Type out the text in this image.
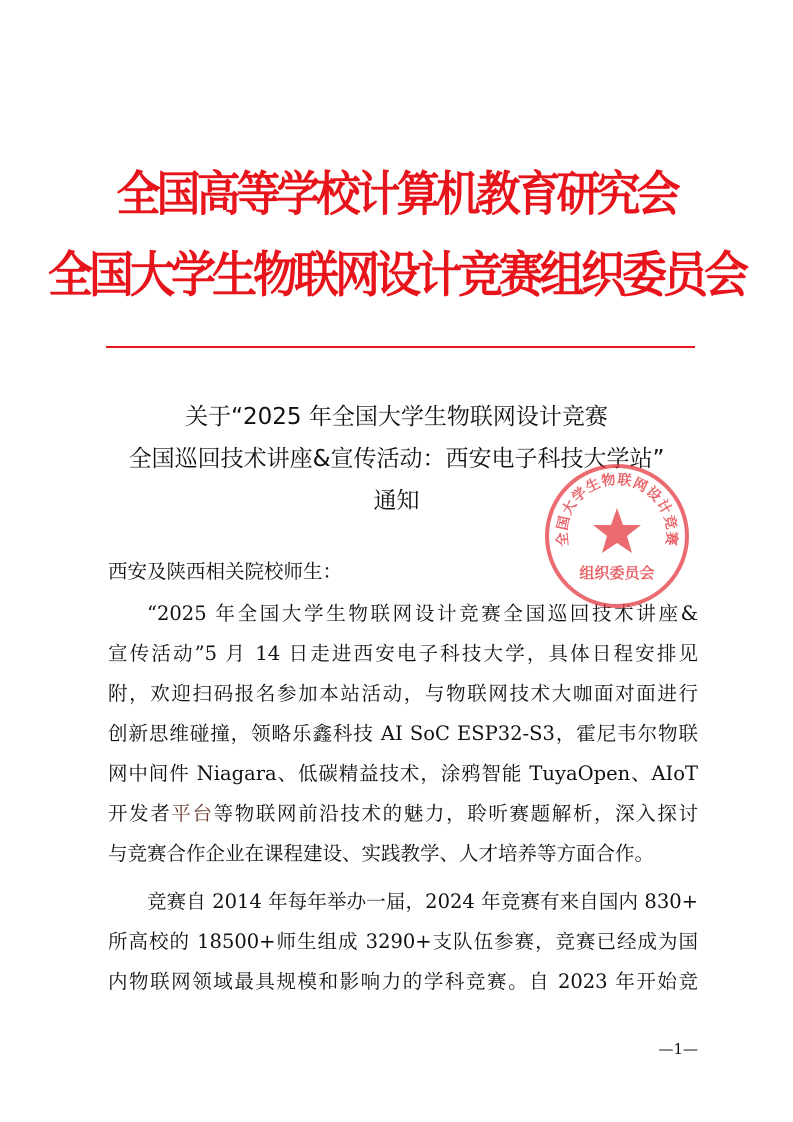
全国高等学校计算机教育研究会
全国大学生物联网设计竞赛组织委员会
关于“2025 年全国大学生物联网设计竞赛
全国巡回技术讲座&宣传活动：西安电子科技大学站”
通知
西安及陕西相关院校师生：
“2025 年全国大学生物联网设计竞赛全国巡回技术讲座&
宣传活动”5 月 14 日走进西安电子科技大学，具体日程安排见
附，欢迎扫码报名参加本站活动，与物联网技术大咖面对面进行
创新思维碰撞，领略乐鑫科技 AI SoC ESP32-S3，霍尼韦尔物联
网中间件 Niagara、低碳精益技术，涂鸦智能 TuyaOpen、AIoT
开发者平台等物联网前沿技术的魅力，聆听赛题解析，深入探讨
与竞赛合作企业在课程建设、实践教学、人才培养等方面合作。
竞赛自 2014 年每年举办一届，2024 年竞赛有来自国内 830+
所高校的 18500+师生组成 3290+支队伍参赛，竞赛已经成为国
内物联网领域最具规模和影响力的学科竞赛。自 2023 年开始竞
—1—
全国大学生物联网设计竞赛
组织委员会
